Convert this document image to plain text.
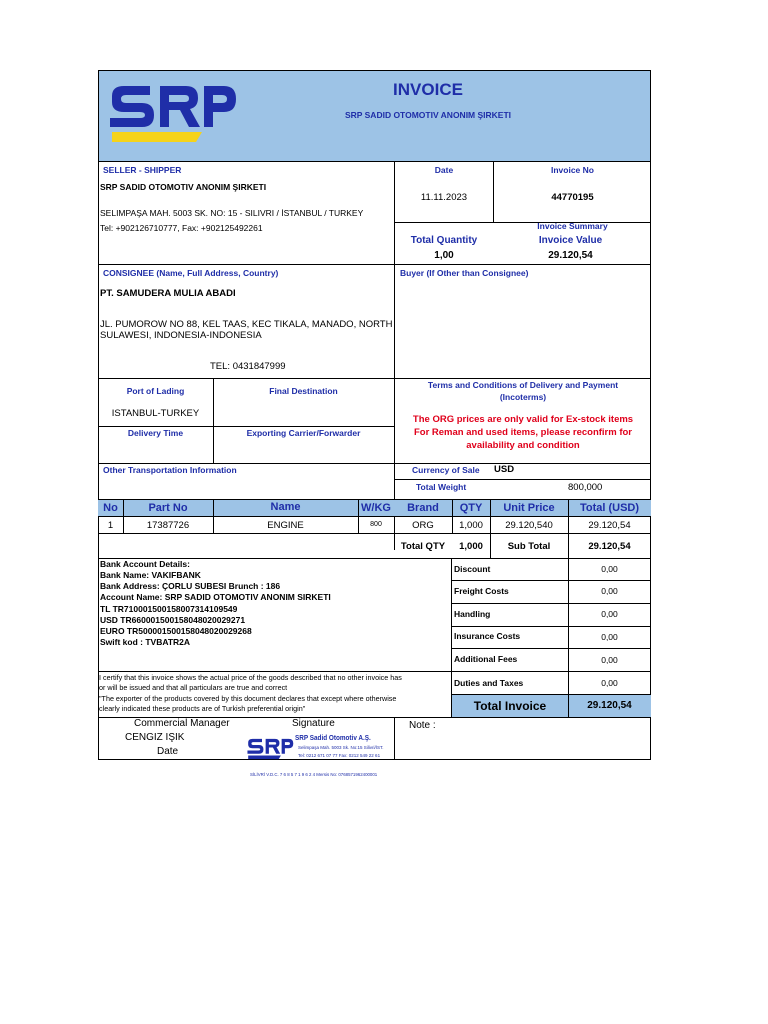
INVOICE
SRP SADID OTOMOTIV ANONIM ŞIRKETI
SELLER - SHIPPER
SRP SADID OTOMOTIV ANONIM ŞIRKETI
SELIMPAŞA MAH. 5003 SK. NO: 15 - SILIVRI / İSTANBUL / TURKEY
Tel: +902126710777, Fax: +902125492261
Date
11.11.2023
Invoice No
44770195
Invoice Summary
Total Quantity	Invoice Value
1,00	29.120,54
CONSIGNEE (Name, Full Address, Country)
PT. SAMUDERA MULIA ABADI
JL. PUMOROW NO 88, KEL TAAS, KEC TIKALA, MANADO, NORTH
SULAWESI, INDONESIA-INDONESIA
TEL: 0431847999
Buyer (If Other than Consignee)
Port of Lading
ISTANBUL-TURKEY
Final Destination
Delivery Time	Exporting Carrier/Forwarder
Terms and Conditions of Delivery and Payment
(Incoterms)
The ORG prices are only valid for Ex-stock items
For Reman and used items, please reconfirm for
availability and condition
Other Transportation Information	Currency of Sale USD
Total Weight	800,000
No	Part No	Name	W/KG	Brand	QTY	Unit Price	Total (USD)
1	17387726	ENGINE	800	ORG	1,000	29.120,540	29.120,54
Total QTY	1,000	Sub Total	29.120,54
Bank Account Details:
Bank Name: VAKIFBANK
Bank Address: ÇORLU SUBESI Brunch : 186
Account Name: SRP SADID OTOMOTIV ANONIM SIRKETI
TL TR710001500158007314109549
USD TR660001500158048020029271
EURO TR500001500158048020029268
Swift kod : TVBATR2A
Discount	0,00
Freight Costs	0,00
Handling	0,00
Insurance Costs	0,00
Additional Fees	0,00
Duties and Taxes	0,00
Total Invoice	29.120,54
I certify that this invoice shows the actual price of the goods described that no other invoice has
or will be issued and that all particulars are true and correct
"The exporter of the products covered by this document declares that except where otherwise
clearly indicated these products are of Turkish preferential origin"
Commercial Manager	Signature
CENGIZ IŞIK
Date
Note :
SRP Sadid Otomotiv A.Ş.
Selimpaşa Mah. 5003 Sk. No:15 Silivri/İST.
Tel: 0212 671 07 77 Fax: 0212 549 22 61
SİLİVRİ V.D.C. 7 6 8 5 7 1 9 6 2 4 Mersis No: 0768571962400001
